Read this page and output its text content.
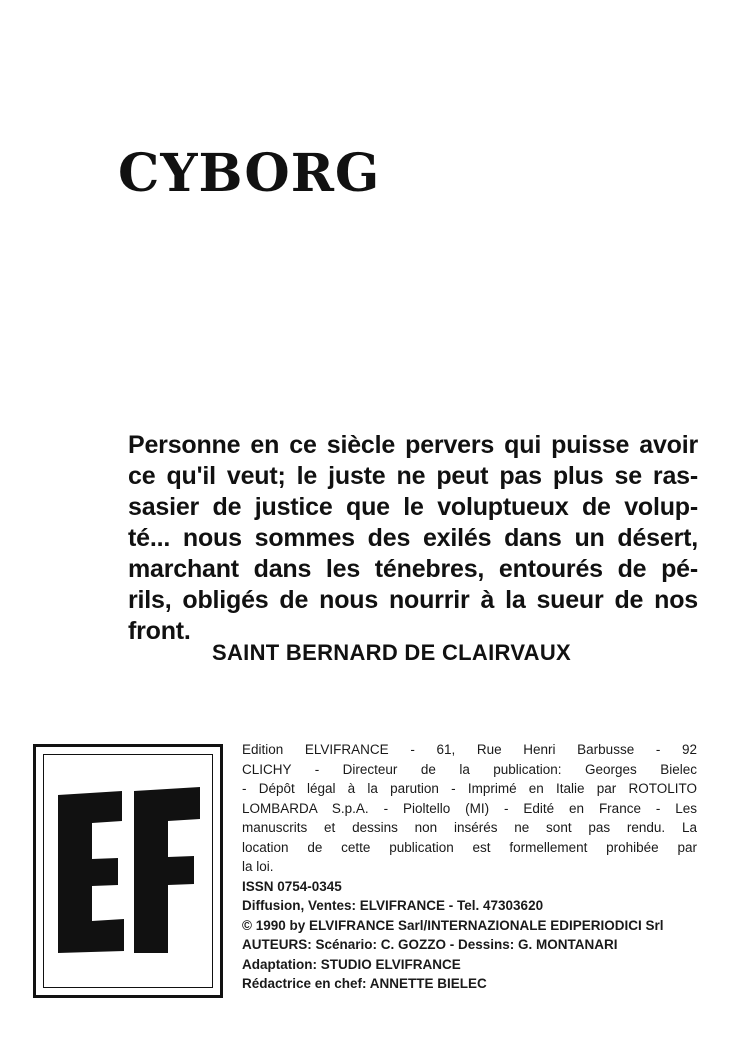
CYBORG
Personne en ce siècle pervers qui puisse avoir
ce qu'il veut; le juste ne peut pas plus se ras-
sasier de justice que le voluptueux de volup-
té... nous sommes des exilés dans un désert,
marchant dans les ténebres, entourés de pé-
rils, obligés de nous nourrir à la sueur de nos
front.
SAINT BERNARD DE CLAIRVAUX
Edition ELVIFRANCE - 61, Rue Henri Barbusse - 92
CLICHY - Directeur de la publication: Georges Bielec
- Dépôt légal à la parution - Imprimé en Italie par ROTOLITO
LOMBARDA S.p.A. - Pioltello (MI) - Edité en France - Les
manuscrits et dessins non insérés ne sont pas rendu. La
location de cette publication est formellement prohibée par
la loi.
ISSN 0754-0345
Diffusion, Ventes: ELVIFRANCE - Tel. 47303620
© 1990 by ELVIFRANCE Sarl/INTERNAZIONALE EDIPERIODICI Srl
AUTEURS: Scénario: C. GOZZO - Dessins: G. MONTANARI
Adaptation: STUDIO ELVIFRANCE
Rédactrice en chef: ANNETTE BIELEC
